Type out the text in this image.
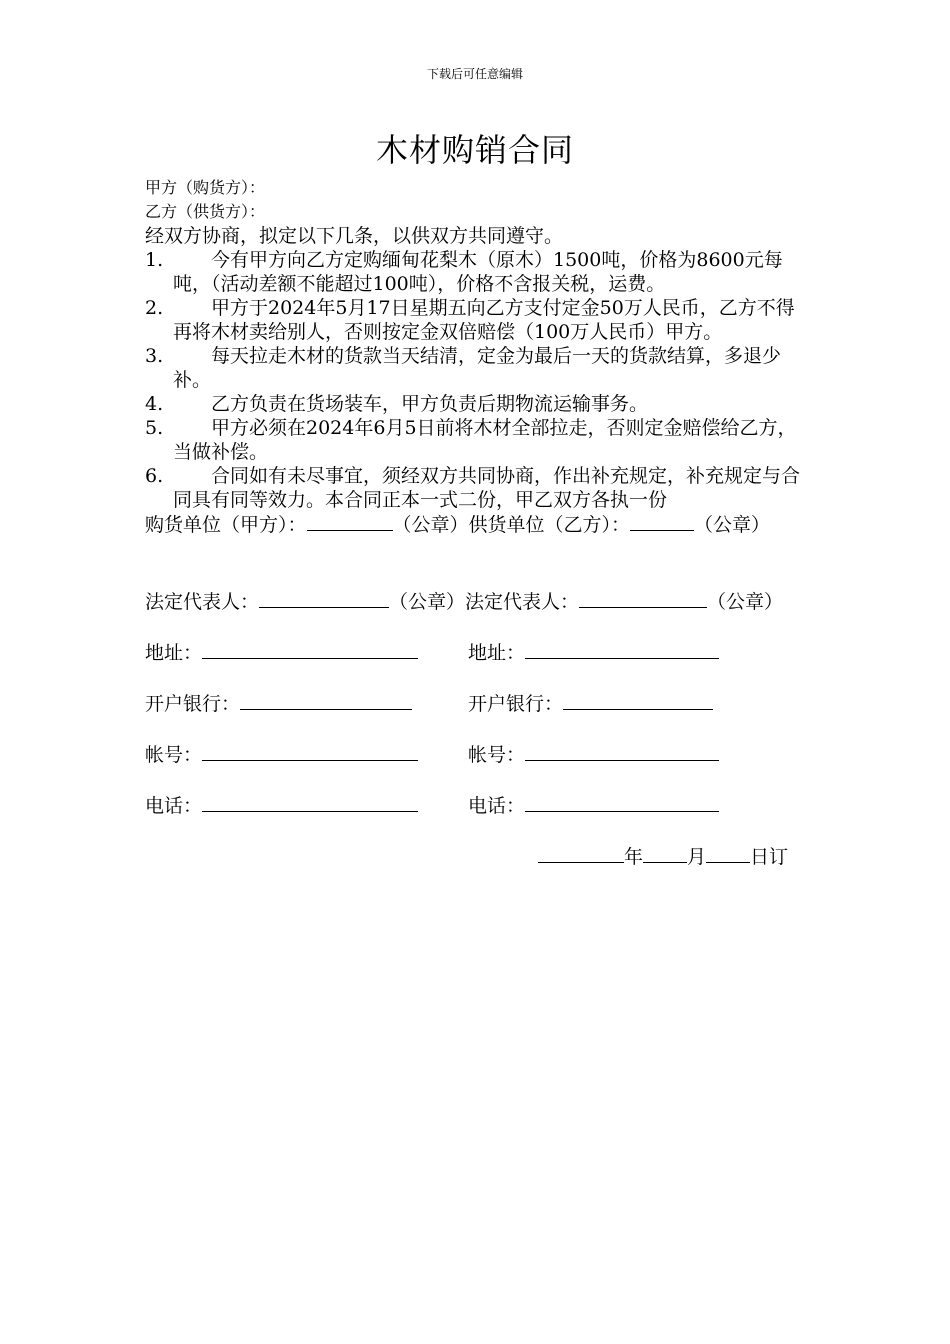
下载后可任意编辑
木材购销合同
甲方（购货方）：
乙方（供货方）：

经双方协商，拟定以下几条，以供双方共同遵守。

1.	今有甲方向乙方定购缅甸花梨木（原木）1500吨，价格为8600元每吨，（活动差额不能超过100吨），价格不含报关税，运费。
2.	甲方于2024年5月17日星期五向乙方支付定金50万人民币，乙方不得再将木材卖给别人，否则按定金双倍赔偿（100万人民币）甲方。
3.	每天拉走木材的货款当天结清，定金为最后一天的货款结算，多退少补。
4.	乙方负责在货场装车，甲方负责后期物流运输事务。
5.	甲方必须在2024年6月5日前将木材全部拉走，否则定金赔偿给乙方，当做补偿。
6.	合同如有未尽事宜，须经双方共同协商，作出补充规定，补充规定与合同具有同等效力。本合同正本一式二份，甲乙双方各执一份
购货单位（甲方）：	（公章）供货单位（乙方）：	（公章）
法定代表人：	（公章）法定代表人：	（公章）
地址：	地址：
开户银行：	开户银行：
帐号：	帐号：
电话：	电话：
年 月 日订
